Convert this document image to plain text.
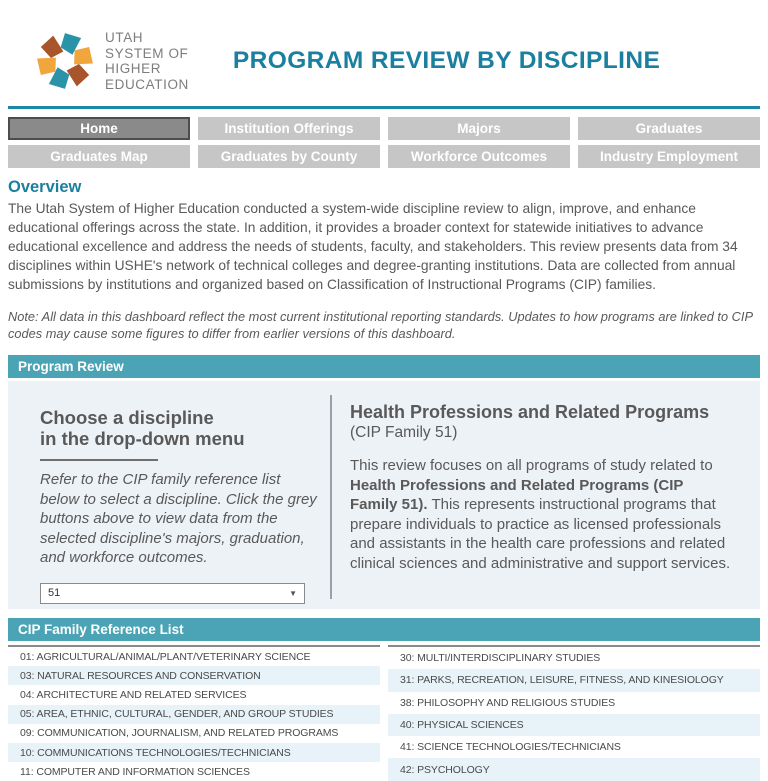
UTAH
SYSTEM OF
HIGHER
EDUCATION
PROGRAM REVIEW BY DISCIPLINE
Home	Institution Offerings	Majors	Graduates
Graduates Map	Graduates by County	Workforce Outcomes	Industry Employment
Overview

The Utah System of Higher Education conducted a system-wide discipline review to align, improve, and enhance educational offerings across the state. In addition, it provides a broader context for statewide initiatives to advance educational excellence and address the needs of students, faculty, and stakeholders. This review presents data from 34 disciplines within USHE's network of technical colleges and degree-granting institutions. Data are collected from annual submissions by institutions and organized based on Classification of Instructional Programs (CIP) families.

Note: All data in this dashboard reflect the most current institutional reporting standards. Updates to how programs are linked to CIP codes may cause some figures to differ from earlier versions of this dashboard.

Program Review
Choose a discipline
in the drop-down menu

Refer to the CIP family reference list below to select a discipline. Click the grey buttons above to view data from the selected discipline's majors, graduation, and workforce outcomes.

51	▼
Health Professions and Related Programs
(CIP Family 51)

This review focuses on all programs of study related to Health Professions and Related Programs (CIP Family 51). This represents instructional programs that prepare individuals to practice as licensed professionals and assistants in the health care professions and related clinical sciences and administrative and support services.

CIP Family Reference List
01: AGRICULTURAL/ANIMAL/PLANT/VETERINARY SCIENCE
03: NATURAL RESOURCES AND CONSERVATION
04: ARCHITECTURE AND RELATED SERVICES
05: AREA, ETHNIC, CULTURAL, GENDER, AND GROUP STUDIES
09: COMMUNICATION, JOURNALISM, AND RELATED PROGRAMS
10: COMMUNICATIONS TECHNOLOGIES/TECHNICIANS
11: COMPUTER AND INFORMATION SCIENCES
30: MULTI/INTERDISCIPLINARY STUDIES
31: PARKS, RECREATION, LEISURE, FITNESS, AND KINESIOLOGY
38: PHILOSOPHY AND RELIGIOUS STUDIES
40: PHYSICAL SCIENCES
41: SCIENCE TECHNOLOGIES/TECHNICIANS
42: PSYCHOLOGY
